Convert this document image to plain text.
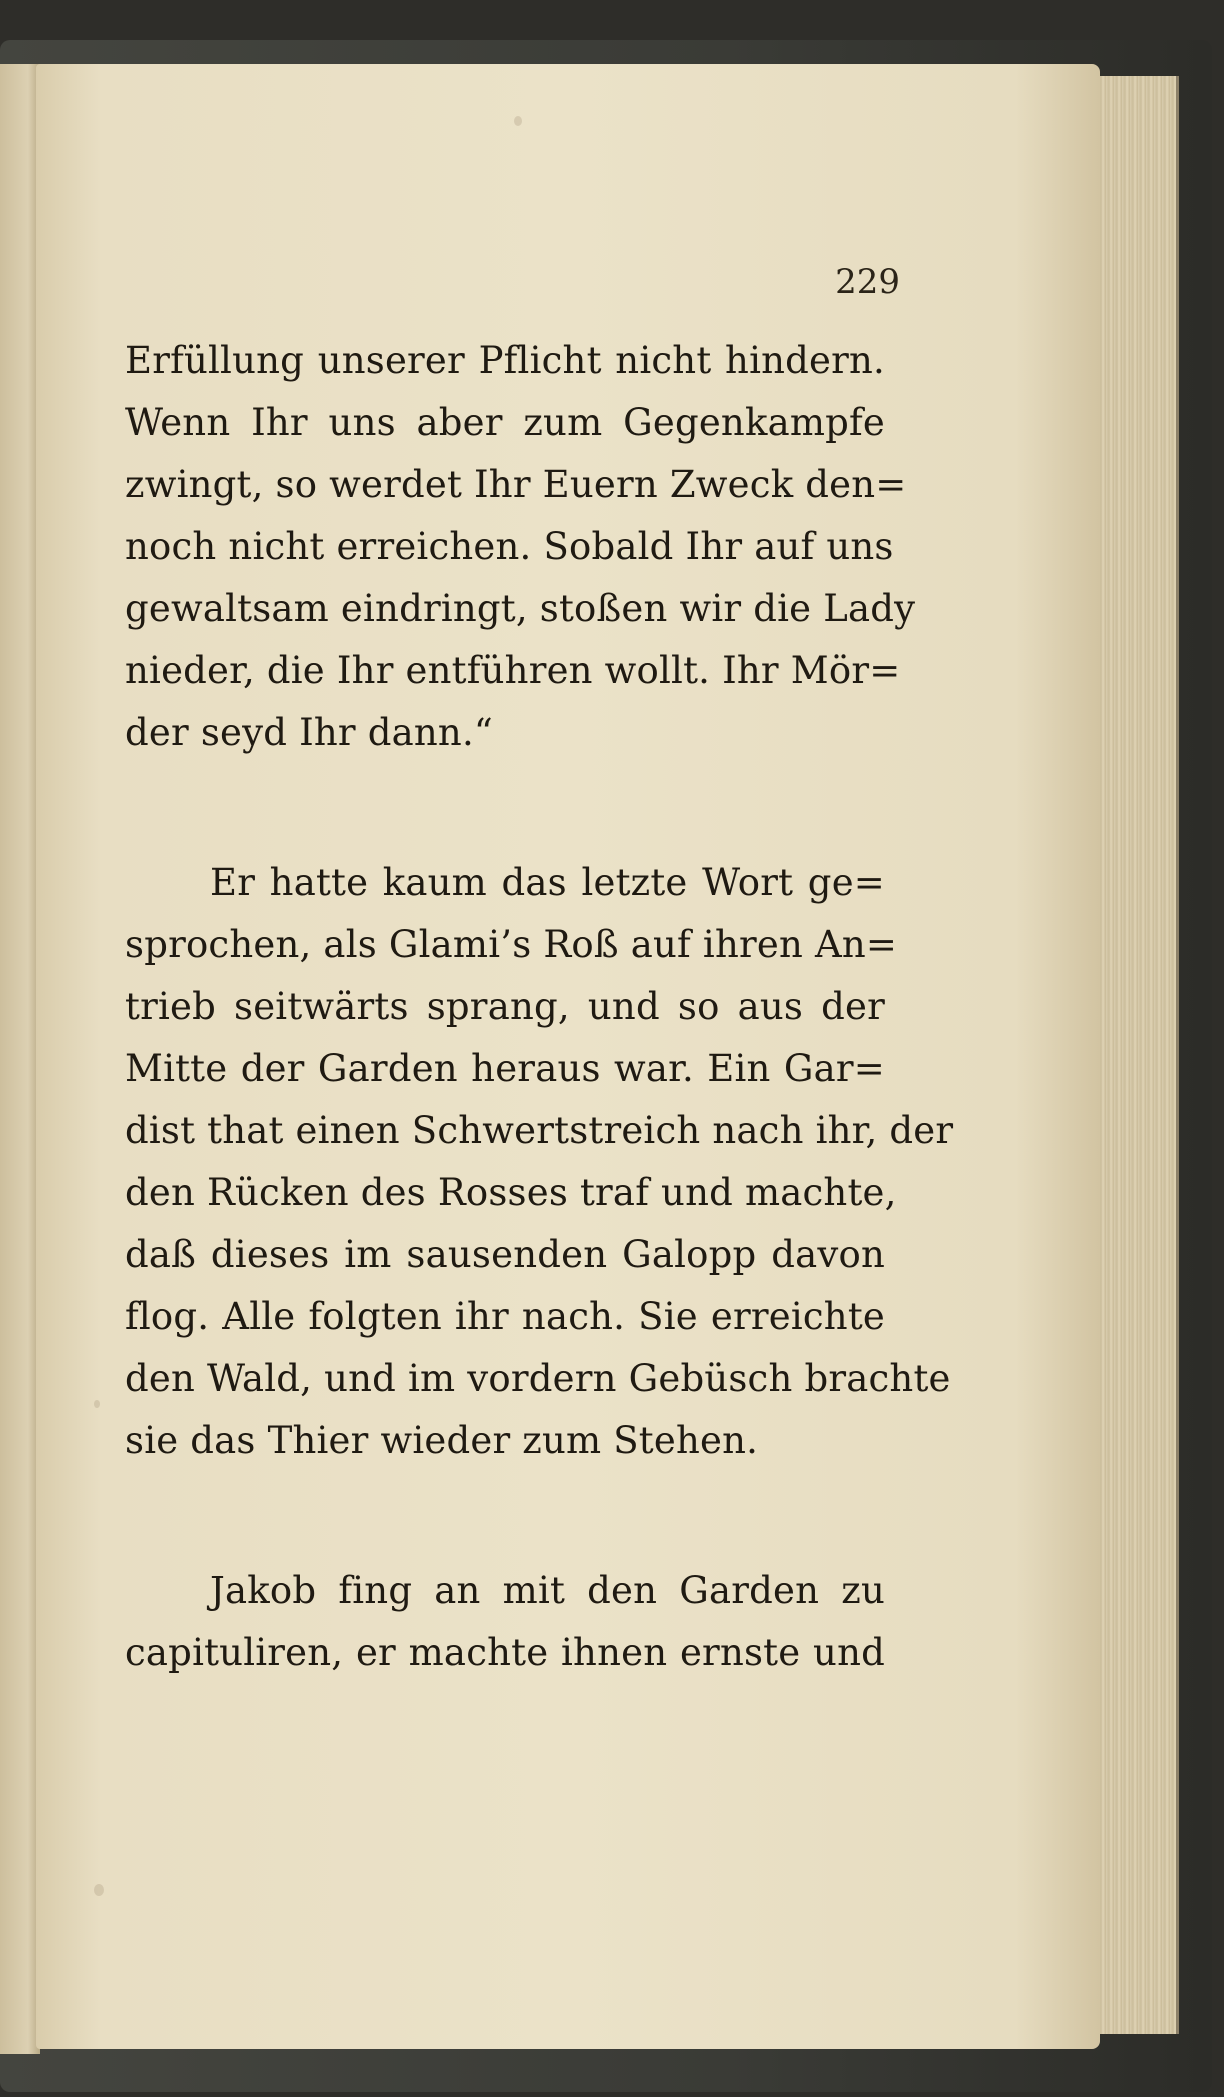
229
Erfüllung unserer Pflicht nicht hindern.
Wenn Ihr uns aber zum Gegenkampfe
zwingt, so werdet Ihr Euern Zweck den=
noch nicht erreichen. Sobald Ihr auf uns
gewaltsam eindringt, stoßen wir die Lady
nieder, die Ihr entführen wollt. Ihr Mör=
der seyd Ihr dann.“
Er hatte kaum das letzte Wort ge=
sprochen, als Glami’s Roß auf ihren An=
trieb seitwärts sprang, und so aus der
Mitte der Garden heraus war. Ein Gar=
dist that einen Schwertstreich nach ihr, der
den Rücken des Rosses traf und machte,
daß dieses im sausenden Galopp davon
flog. Alle folgten ihr nach. Sie erreichte
den Wald, und im vordern Gebüsch brachte
sie das Thier wieder zum Stehen.
Jakob fing an mit den Garden zu
capituliren, er machte ihnen ernste und
